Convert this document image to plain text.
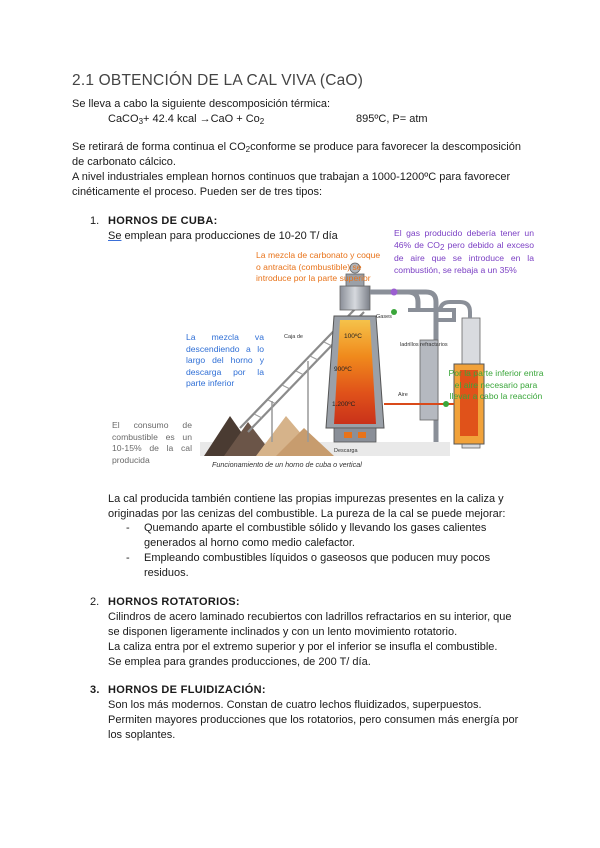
2.1 OBTENCIÓN DE LA CAL VIVA (CaO)
Se lleva a cabo la siguiente descomposición térmica:
CaCO$_3$+ 42.4 kcal $\to CaO + Co_2$	895ºC, P= atm
Se retirará de forma continua el $CO_2conforme$ se produce para favorecer la descomposición
de carbonato cálcico.
A nivel industriales emplean hornos continuos que trabajan a 1000-1200ºC para favorecer
cinéticamente el proceso. Pueden ser de tres tipos:
1. HORNOS DE CUBA:
Se emplean para producciones de 10-20 T/ día
900ºC
1.200ºC
100ºC
Gases
Caja de
ladrillos refractarios
Aire
Descarga
Funcionamiento de un horno de cuba o vertical
La mezcla de carbonato y coque o antracita (combustible) se introduce por la parte superior
El gas producido debería tener un 46% de $CO_2$ pero debido al exceso de aire que se introduce en la combustión, se rebaja a un 35%
La mezcla va descendiendo a lo largo del horno y descarga por la parte inferior
Por la parte inferior entra el aire necesario para llevar a cabo la reacción
El consumo de combustible es un 10-15% de la cal producida
La cal producida también contiene las propias impurezas presentes en la caliza y
originadas por las cenizas del combustible. La pureza de la cal se puede mejorar:
- Quemando aparte el combustible sólido y llevando los gases calientes
generados al horno como medio calefactor.
- Empleando combustibles líquidos o gaseosos que poducen muy pocos
residuos.
2. HORNOS ROTATORIOS:
Cilindros de acero laminado recubiertos con ladrillos refractarios en su interior, que
se disponen ligeramente inclinados y con un lento movimiento rotatorio.
La caliza entra por el extremo superior y por el inferior se insufla el combustible.
Se emplea para grandes producciones, de 200 T/ día.
3. HORNOS DE FLUIDIZACIÓN:
Son los más modernos. Constan de cuatro lechos fluidizados, superpuestos.
Permiten mayores producciones que los rotatorios, pero consumen más energía por
los soplantes.
